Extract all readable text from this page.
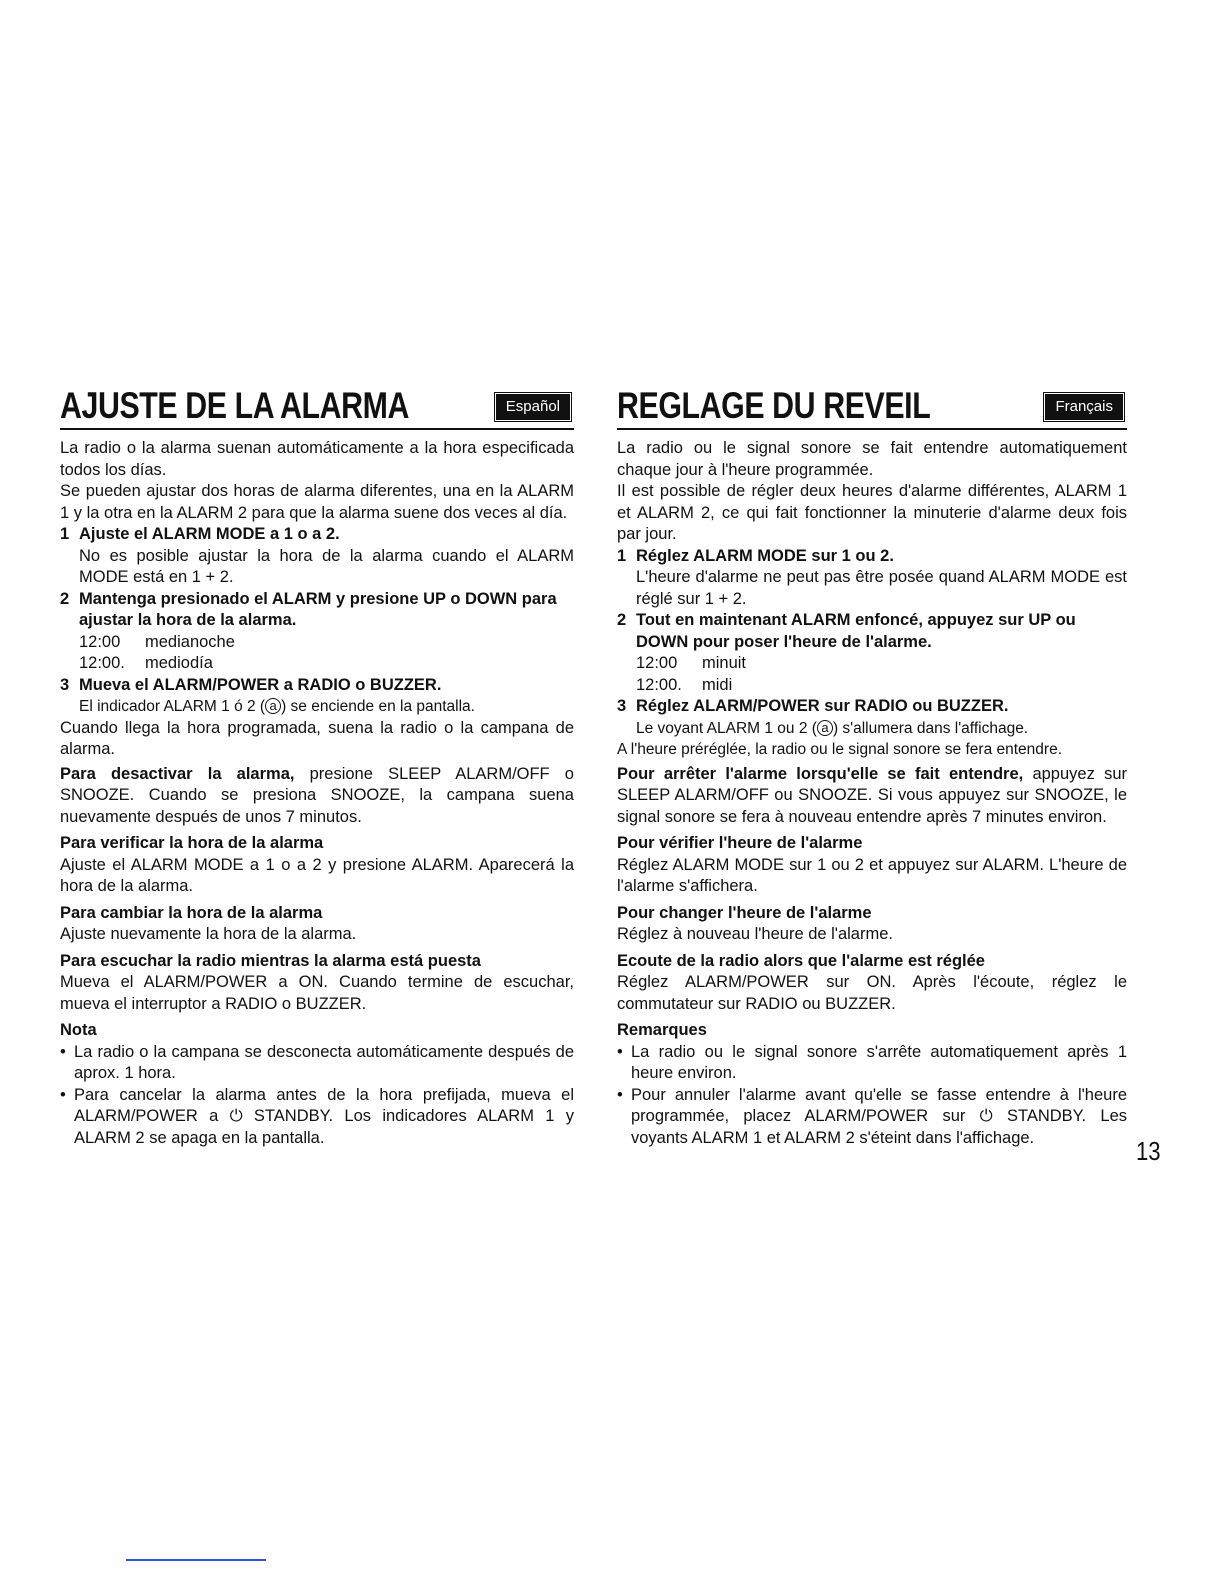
AJUSTE DE LA ALARMA	Español

La radio o la alarma suenan automáticamente a la hora especificada todos los días.

Se pueden ajustar dos horas de alarma diferentes, una en la ALARM 1 y la otra en la ALARM 2 para que la alarma suene dos veces al día.

1 Ajuste el ALARM MODE a 1 o a 2.
No es posible ajustar la hora de la alarma cuando el ALARM MODE está en 1 + 2.
2 Mantenga presionado el ALARM y presione UP o DOWN para ajustar la hora de la alarma.
12:00	medianoche
12:00.	mediodía
3 Mueva el ALARM/POWER a RADIO o BUZZER.
El indicador ALARM 1 ó 2 ( a ) se enciende en la pantalla.

Cuando llega la hora programada, suena la radio o la campana de alarma.

Para desactivar la alarma, presione SLEEP ALARM/OFF o SNOOZE. Cuando se presiona SNOOZE, la campana suena nuevamente después de unos 7 minutos.

Para verificar la hora de la alarma

Ajuste el ALARM MODE a 1 o a 2 y presione ALARM. Aparecerá la hora de la alarma.

Para cambiar la hora de la alarma

Ajuste nuevamente la hora de la alarma.

Para escuchar la radio mientras la alarma está puesta

Mueva el ALARM/POWER a ON. Cuando termine de escuchar, mueva el interruptor a RADIO o BUZZER.

Nota
• La radio o la campana se desconecta automáticamente después de aprox. 1 hora.
• Para cancelar la alarma antes de la hora prefijada, mueva el ALARM/POWER a ⏻ STANDBY. Los indicadores ALARM 1 y ALARM 2 se apaga en la pantalla.
REGLAGE DU REVEIL	Français

La radio ou le signal sonore se fait entendre automatiquement chaque jour à l'heure programmée.

Il est possible de régler deux heures d'alarme différentes, ALARM 1 et ALARM 2, ce qui fait fonctionner la minuterie d'alarme deux fois par jour.

1 Réglez ALARM MODE sur 1 ou 2.
L'heure d'alarme ne peut pas être posée quand ALARM MODE est réglé sur 1 + 2.
2 Tout en maintenant ALARM enfoncé, appuyez sur UP ou DOWN pour poser l'heure de l'alarme.
12:00	minuit
12:00.	midi
3 Réglez ALARM/POWER sur RADIO ou BUZZER.
Le voyant ALARM 1 ou 2 ( a ) s'allumera dans l'affichage.

A l'heure préréglée, la radio ou le signal sonore se fera entendre.

Pour arrêter l'alarme lorsqu'elle se fait entendre, appuyez sur SLEEP ALARM/OFF ou SNOOZE. Si vous appuyez sur SNOOZE, le signal sonore se fera à nouveau entendre après 7 minutes environ.

Pour vérifier l'heure de l'alarme

Réglez ALARM MODE sur 1 ou 2 et appuyez sur ALARM. L'heure de l'alarme s'affichera.

Pour changer l'heure de l'alarme

Réglez à nouveau l'heure de l'alarme.

Ecoute de la radio alors que l'alarme est réglée

Réglez ALARM/POWER sur ON. Après l'écoute, réglez le commutateur sur RADIO ou BUZZER.

Remarques
• La radio ou le signal sonore s'arrête automatiquement après 1 heure environ.
• Pour annuler l'alarme avant qu'elle se fasse entendre à l'heure programmée, placez ALARM/POWER sur ⏻ STANDBY. Les voyants ALARM 1 et ALARM 2 s'éteint dans l'affichage.	13
